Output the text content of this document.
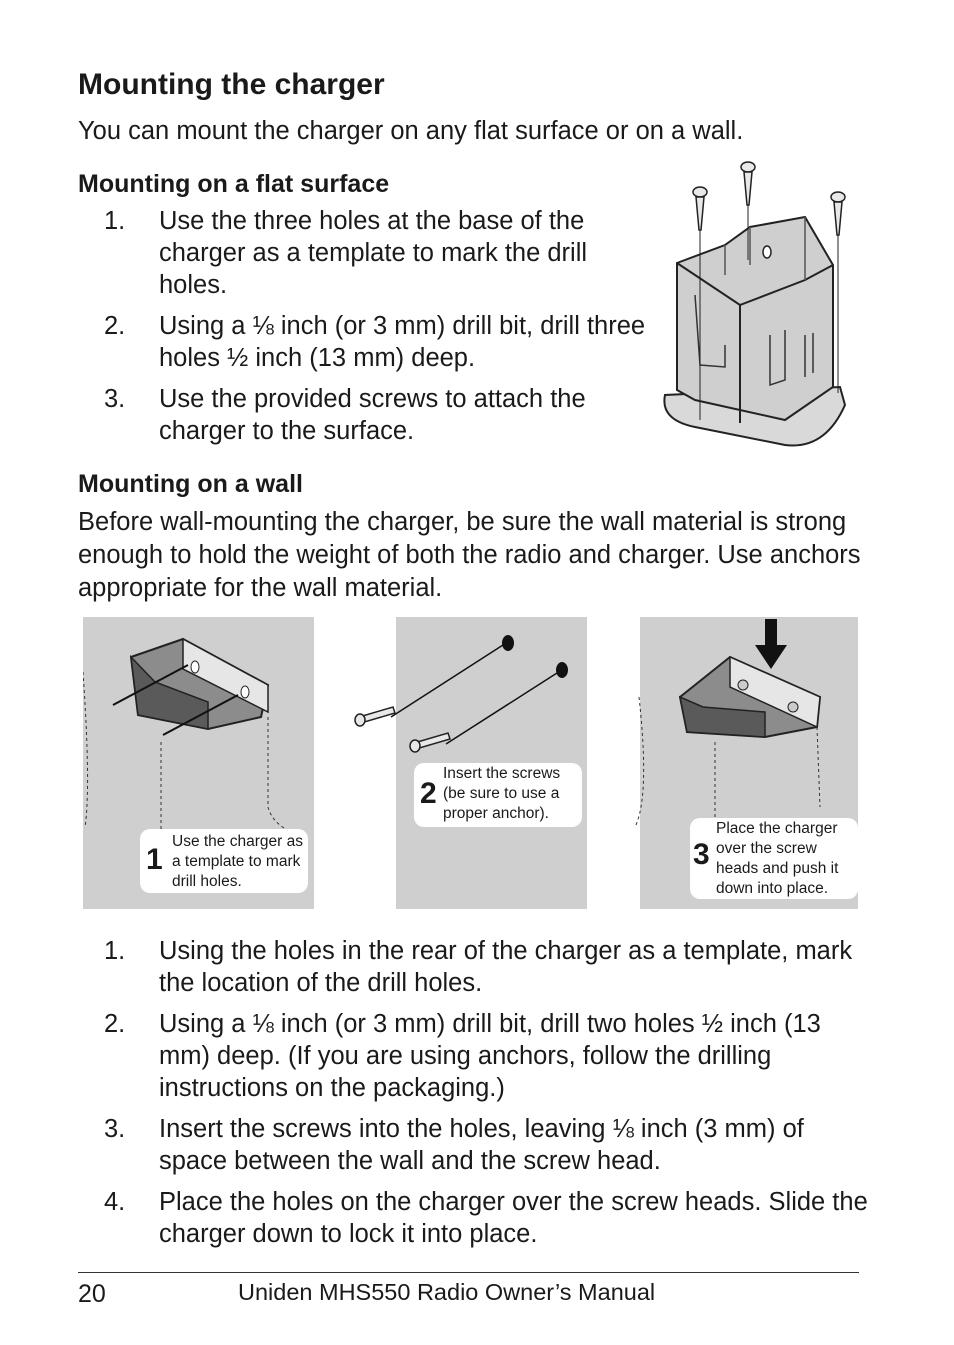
Mounting the charger
You can mount the charger on any flat surface or on a wall.
Mounting on a flat surface
1. Use the three holes at the base of the charger as a template to mark the drill holes.
2. Using a ⅛ inch (or 3 mm) drill bit, drill three holes ½ inch (13 mm) deep.
3. Use the provided screws to attach the charger to the surface.
Mounting on a wall
Before wall-mounting the charger, be sure the wall material is strong enough to hold the weight of both the radio and charger. Use anchors appropriate for the wall material.
1
Use the charger as a template to mark drill holes.
2
Insert the screws (be sure to use a proper anchor).
3
Place the charger over the screw heads and push it down into place.
1. Using the holes in the rear of the charger as a template, mark the location of the drill holes.
2. Using a ⅛ inch (or 3 mm) drill bit, drill two holes ½ inch (13 mm) deep. (If you are using anchors, follow the drilling instructions on the packaging.)
3. Insert the screws into the holes, leaving ⅛ inch (3 mm) of space between the wall and the screw head.
4. Place the holes on the charger over the screw heads. Slide the charger down to lock it into place.
20	Uniden MHS550 Radio Owner’s Manual
